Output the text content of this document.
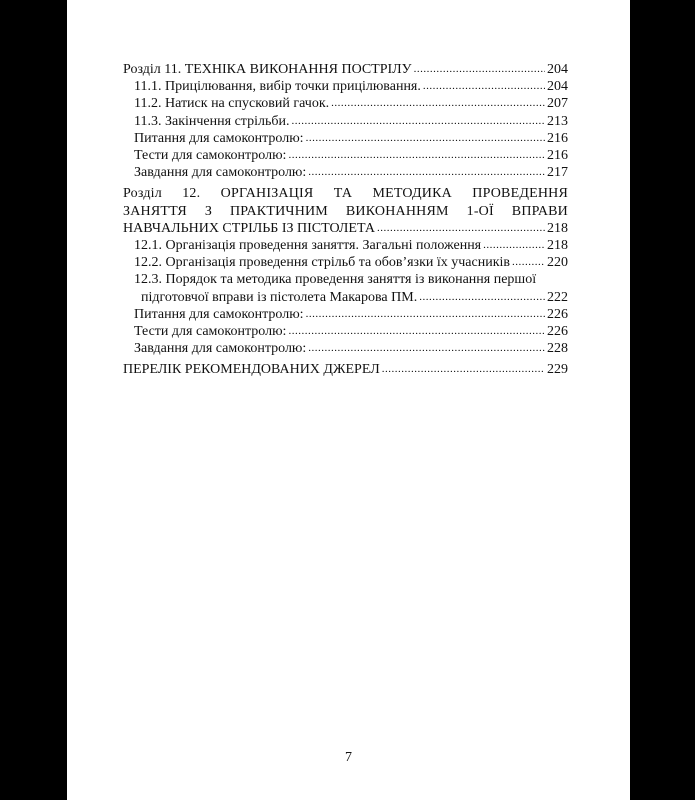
Розділ 11. ТЕХНІКА ВИКОНАННЯ ПОСТРІЛУ .....	204
11.1. Прицілювання, вибір точки прицілювання. .....	204
11.2. Натиск на спусковий гачок. .....	207
11.3. Закінчення стрільби. .....	213
Питання для самоконтролю: .....	216
Тести для самоконтролю: .....	216
Завдання для самоконтролю: .....	217
Розділ 12. ОРГАНІЗАЦІЯ ТА МЕТОДИКА ПРОВЕДЕННЯ
ЗАНЯТТЯ З ПРАКТИЧНИМ ВИКОНАННЯМ 1-ОЇ ВПРАВИ
НАВЧАЛЬНИХ СТРІЛЬБ ІЗ ПІСТОЛЕТА .....	218
12.1. Організація проведення заняття. Загальні положення .....	218
12.2. Організація проведення стрільб та обов’язки їх учасників .....	220
12.3. Порядок та методика проведення заняття із виконання першої
підготовчої вправи із пістолета Макарова ПМ. .....	222
Питання для самоконтролю: .....	226
Тести для самоконтролю: .....	226
Завдання для самоконтролю: .....	228
ПЕРЕЛІК РЕКОМЕНДОВАНИХ ДЖЕРЕЛ .....	229
7
